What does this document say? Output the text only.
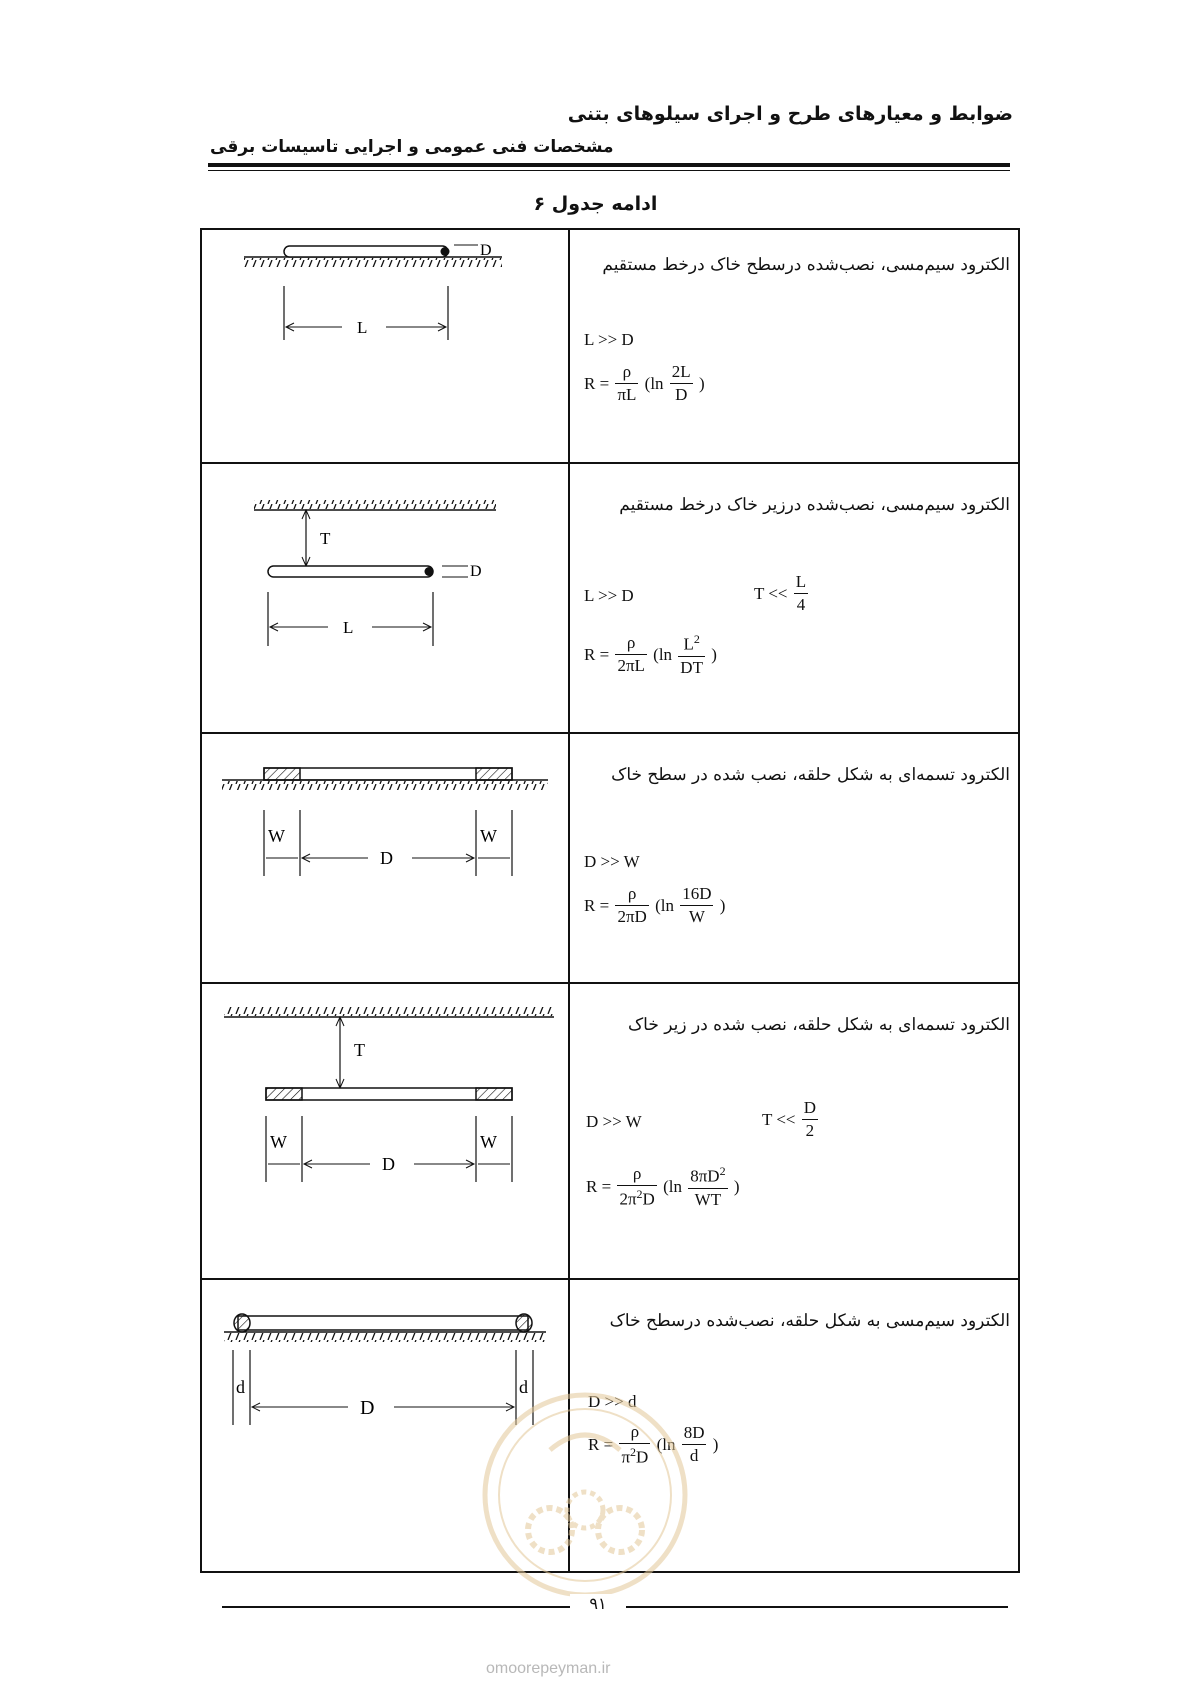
ضوابط و معیارهای طرح و اجرای سیلوهای بتنی
مشخصات فنی عمومی و اجرایی تاسیسات برقی
ادامه جدول ۶
D
L
الکترود سیم‌مسی، نصب‌شده درسطح خاک درخط مستقیم
L >> D
$R = \frac{\rho}{\pi L} (\ln \frac{2L}{D}$ )
T
D
L
الکترود سیم‌مسی، نصب‌شده درزیر خاک درخط مستقیم
L >> D	$T << \frac{L}{4}$
$R = \frac{\rho}{2\pi L} (\ln \frac{L^2}{DT}$ )
W	W
D
الکترود تسمه‌ای به شکل حلقه، نصب شده در سطح خاک
D >> W
$R = \frac{\rho}{2\pi D} (\ln \frac{16D}{W}$ )
T
W	W
D
الکترود تسمه‌ای به شکل حلقه، نصب شده در زیر خاک
D >> W	$T << \frac{D}{2}$
$R = \frac{\rho}{2\pi^2D} (\ln \frac{8\pi D^2}{WT}$ )
d	d
D
الکترود سیم‌مسی به شکل حلقه، نصب‌شده درسطح خاک
D >> d
$R = \frac{\rho}{\pi^2D} (\ln \frac{8D}{d}$ )
۹۱
omoorepeyman.ir
